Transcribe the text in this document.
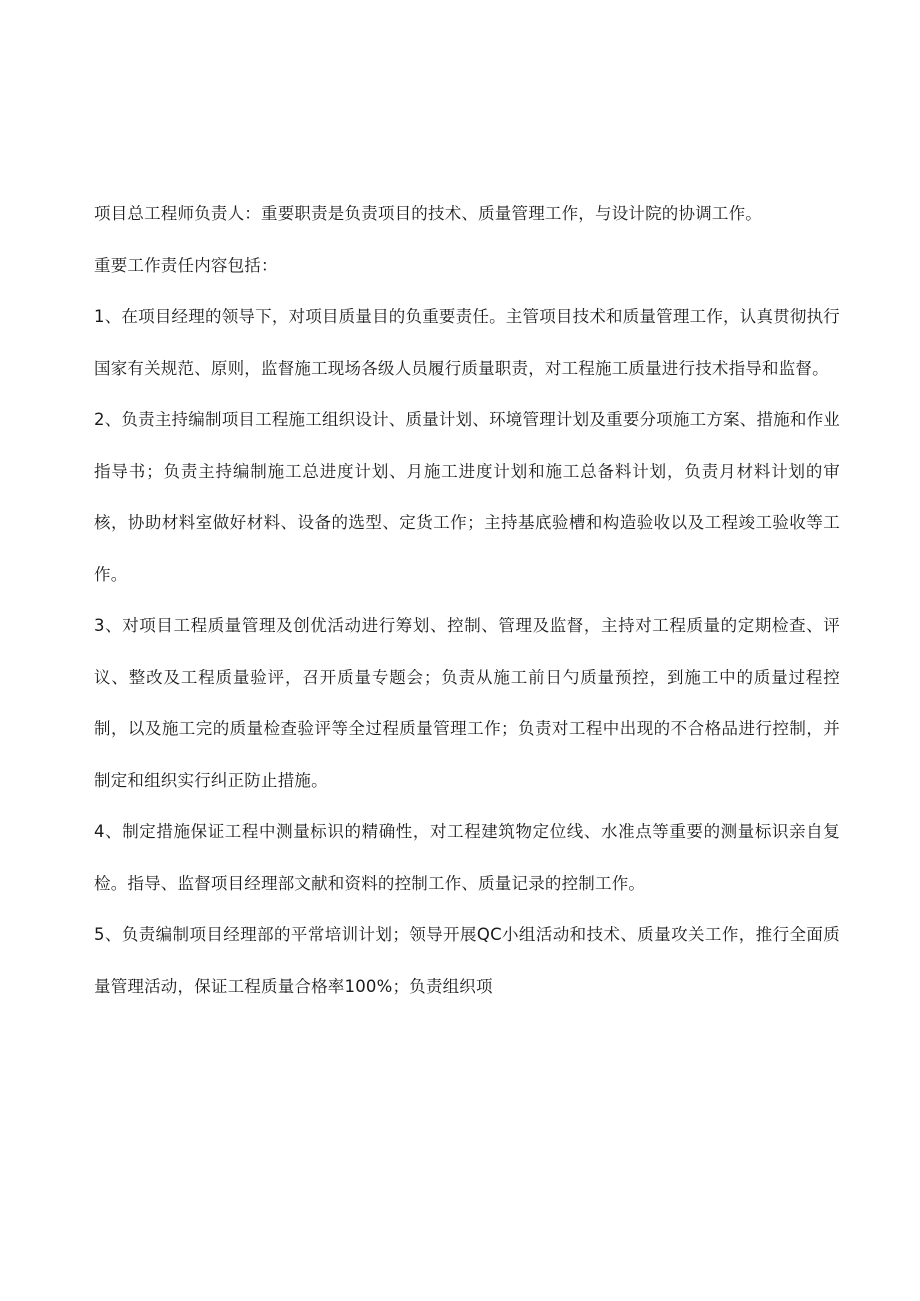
项目总工程师负责人：重要职责是负责项目的技术、质量管理工作，与设计院的协调工作。

重要工作责任内容包括：

1、在项目经理的领导下，对项目质量目的负重要责任。主管项目技术和质量管理工作，认真贯彻执行国家有关规范、原则，监督施工现场各级人员履行质量职责，对工程施工质量进行技术指导和监督。

2、负责主持编制项目工程施工组织设计、质量计划、环境管理计划及重要分项施工方案、措施和作业指导书；负责主持编制施工总进度计划、月施工进度计划和施工总备料计划，负责月材料计划的审核，协助材料室做好材料、设备的选型、定货工作；主持基底验槽和构造验收以及工程竣工验收等工作。

3、对项目工程质量管理及创优活动进行筹划、控制、管理及监督，主持对工程质量的定期检查、评议、整改及工程质量验评，召开质量专题会；负责从施工前日勺质量预控，到施工中的质量过程控制，以及施工完的质量检查验评等全过程质量管理工作；负责对工程中出现的不合格品进行控制，并制定和组织实行纠正防止措施。

4、制定措施保证工程中测量标识的精确性，对工程建筑物定位线、水准点等重要的测量标识亲自复检。指导、监督项目经理部文献和资料的控制工作、质量记录的控制工作。

5、负责编制项目经理部的平常培训计划；领导开展QC小组活动和技术、质量攻关工作，推行全面质量管理活动，保证工程质量合格率100%；负责组织项
